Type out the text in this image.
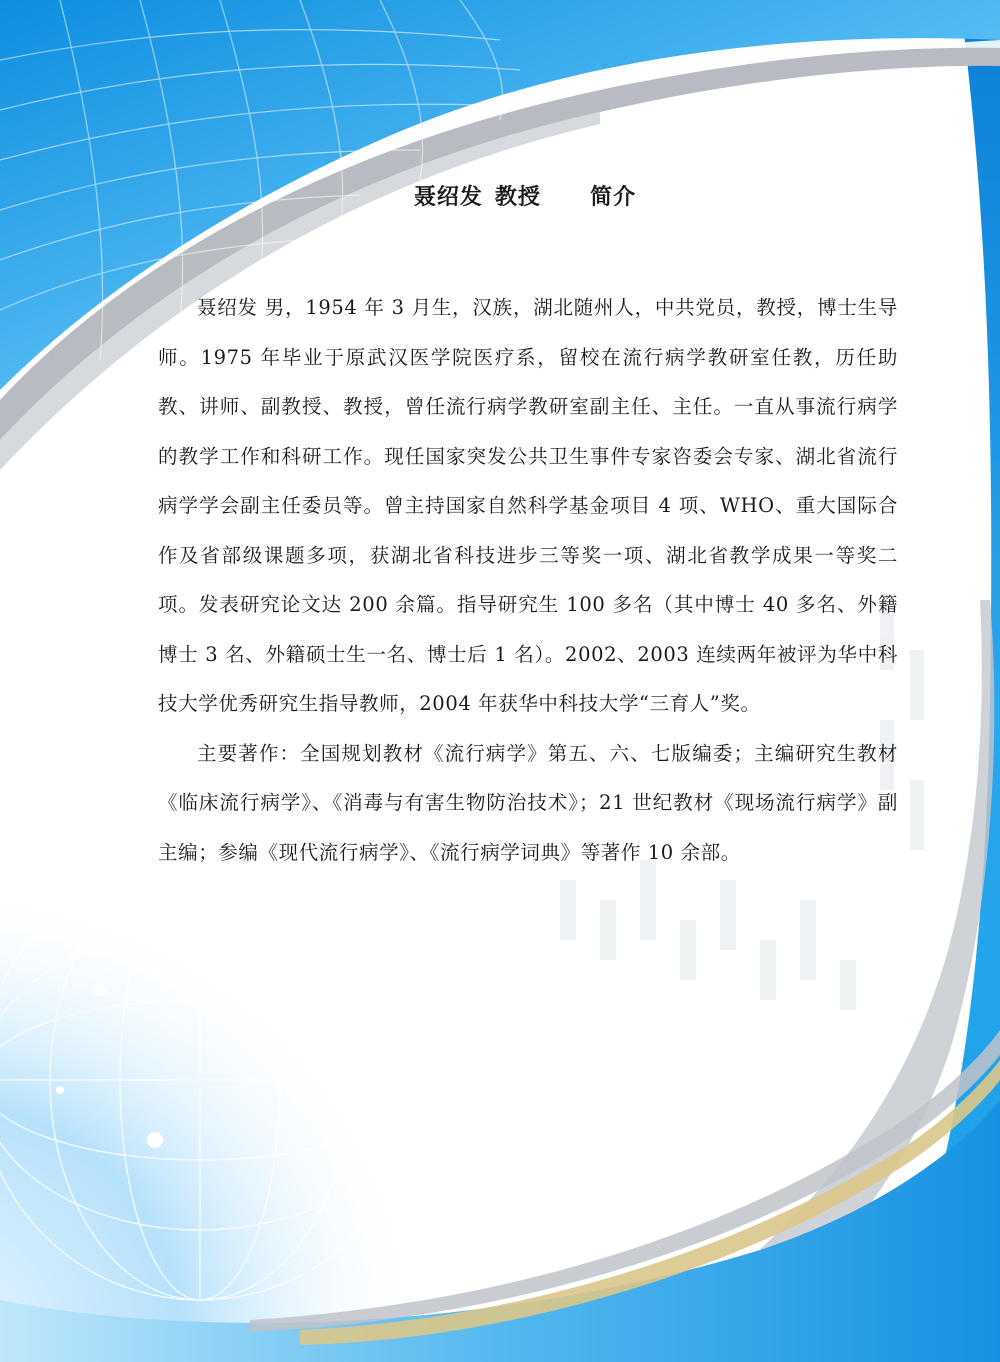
聂绍发 教授 简介

聂绍发 男，1954 年 3 月生，汉族，湖北随州人，中共党员，教授，博士生导师。1975 年毕业于原武汉医学院医疗系，留校在流行病学教研室任教，历任助教、讲师、副教授、教授，曾任流行病学教研室副主任、主任。一直从事流行病学的教学工作和科研工作。现任国家突发公共卫生事件专家咨委会专家、湖北省流行病学学会副主任委员等。曾主持国家自然科学基金项目 4 项、WHO、重大国际合作及省部级课题多项，获湖北省科技进步三等奖一项、湖北省教学成果一等奖二项。发表研究论文达 200 余篇。指导研究生 100 多名（其中博士 40 多名、外籍博士 3 名、外籍硕士生一名、博士后 1 名）。2002、2003 连续两年被评为华中科技大学优秀研究生指导教师，2004 年获华中科技大学“三育人”奖。

主要著作：全国规划教材《流行病学》第五、六、七版编委；主编研究生教材《临床流行病学》、《消毒与有害生物防治技术》；21 世纪教材《现场流行病学》副主编；参编《现代流行病学》、《流行病学词典》等著作 10 余部。
